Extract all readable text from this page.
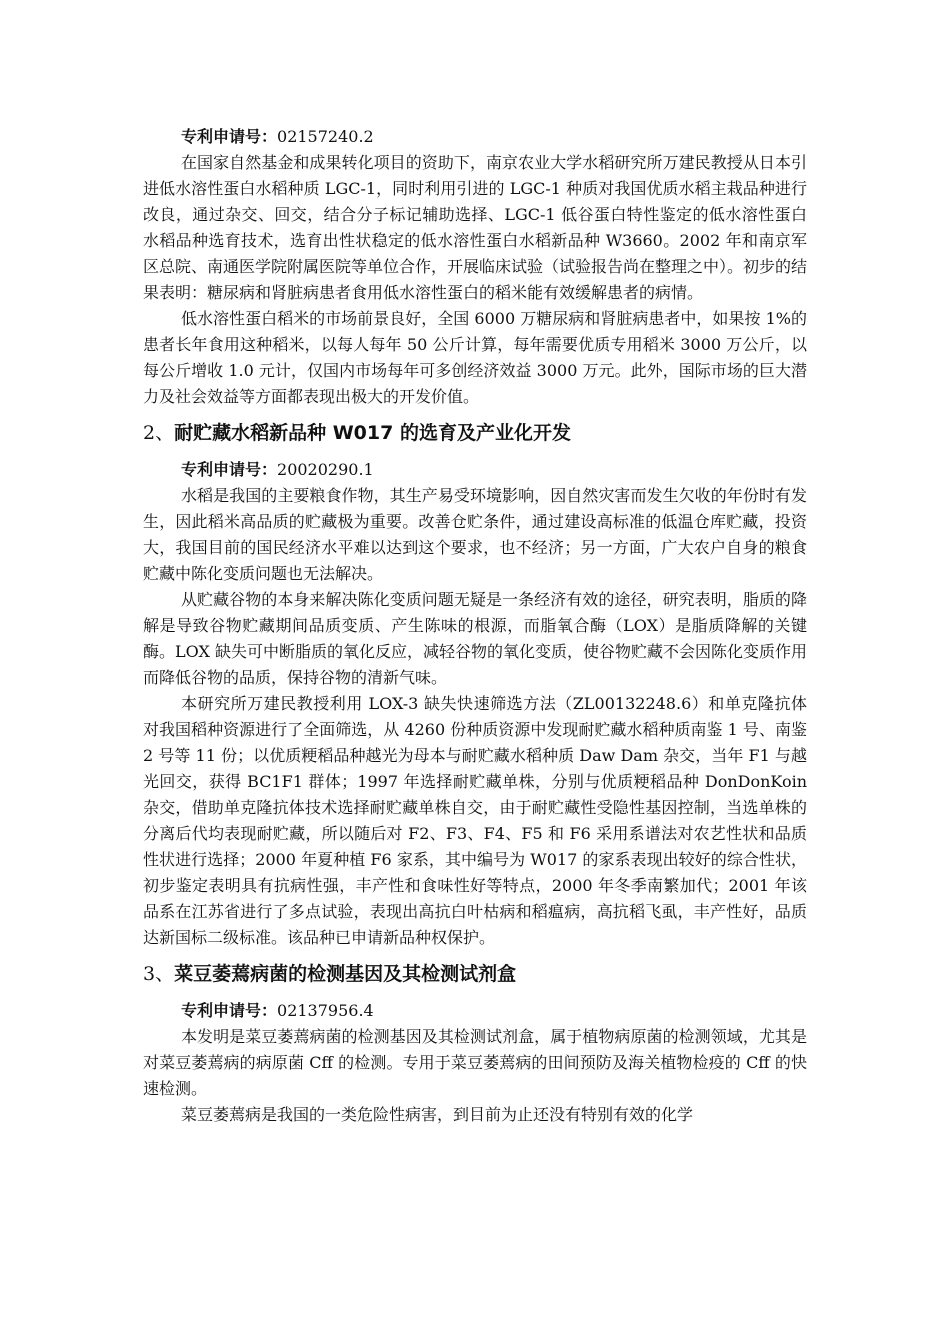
专利申请号：02157240.2

在国家自然基金和成果转化项目的资助下，南京农业大学水稻研究所万建民教授从日本引进低水溶性蛋白水稻种质 LGC-1，同时利用引进的 LGC-1 种质对我国优质水稻主栽品种进行改良，通过杂交、回交，结合分子标记辅助选择、LGC-1 低谷蛋白特性鉴定的低水溶性蛋白水稻品种选育技术，选育出性状稳定的低水溶性蛋白水稻新品种 W3660。2002 年和南京军区总院、南通医学院附属医院等单位合作，开展临床试验（试验报告尚在整理之中）。初步的结果表明：糖尿病和肾脏病患者食用低水溶性蛋白的稻米能有效缓解患者的病情。

低水溶性蛋白稻米的市场前景良好，全国 6000 万糖尿病和肾脏病患者中，如果按 1%的患者长年食用这种稻米，以每人每年 50 公斤计算，每年需要优质专用稻米 3000 万公斤，以每公斤增收 1.0 元计，仅国内市场每年可多创经济效益 3000 万元。此外，国际市场的巨大潜力及社会效益等方面都表现出极大的开发价值。

2、耐贮藏水稻新品种 W017 的选育及产业化开发

专利申请号：20020290.1

水稻是我国的主要粮食作物，其生产易受环境影响，因自然灾害而发生欠收的年份时有发生，因此稻米高品质的贮藏极为重要。改善仓贮条件，通过建设高标准的低温仓库贮藏，投资大，我国目前的国民经济水平难以达到这个要求，也不经济；另一方面，广大农户自身的粮食贮藏中陈化变质问题也无法解决。

从贮藏谷物的本身来解决陈化变质问题无疑是一条经济有效的途径，研究表明，脂质的降解是导致谷物贮藏期间品质变质、产生陈味的根源，而脂氧合酶（LOX）是脂质降解的关键酶。LOX 缺失可中断脂质的氧化反应，减轻谷物的氧化变质，使谷物贮藏不会因陈化变质作用而降低谷物的品质，保持谷物的清新气味。

本研究所万建民教授利用 LOX-3 缺失快速筛选方法（ZL00132248.6）和单克隆抗体对我国稻种资源进行了全面筛选，从 4260 份种质资源中发现耐贮藏水稻种质南鉴 1 号、南鉴 2 号等 11 份；以优质粳稻品种越光为母本与耐贮藏水稻种质 Daw Dam 杂交，当年 F1 与越光回交，获得 BC1F1 群体；1997 年选择耐贮藏单株，分别与优质粳稻品种 DonDonKoin 杂交，借助单克隆抗体技术选择耐贮藏单株自交，由于耐贮藏性受隐性基因控制，当选单株的分离后代均表现耐贮藏，所以随后对 F2、F3、F4、F5 和 F6 采用系谱法对农艺性状和品质性状进行选择；2000 年夏种植 F6 家系，其中编号为 W017 的家系表现出较好的综合性状，初步鉴定表明具有抗病性强，丰产性和食味性好等特点，2000 年冬季南繁加代；2001 年该品系在江苏省进行了多点试验，表现出高抗白叶枯病和稻瘟病，高抗稻飞虱，丰产性好，品质达新国标二级标准。该品种已申请新品种权保护。

3、菜豆萎蔫病菌的检测基因及其检测试剂盒

专利申请号：02137956.4

本发明是菜豆萎蔫病菌的检测基因及其检测试剂盒，属于植物病原菌的检测领域，尤其是对菜豆萎蔫病的病原菌 Cff 的检测。专用于菜豆萎蔫病的田间预防及海关植物检疫的 Cff 的快速检测。

菜豆萎蔫病是我国的一类危险性病害，到目前为止还没有特别有效的化学
